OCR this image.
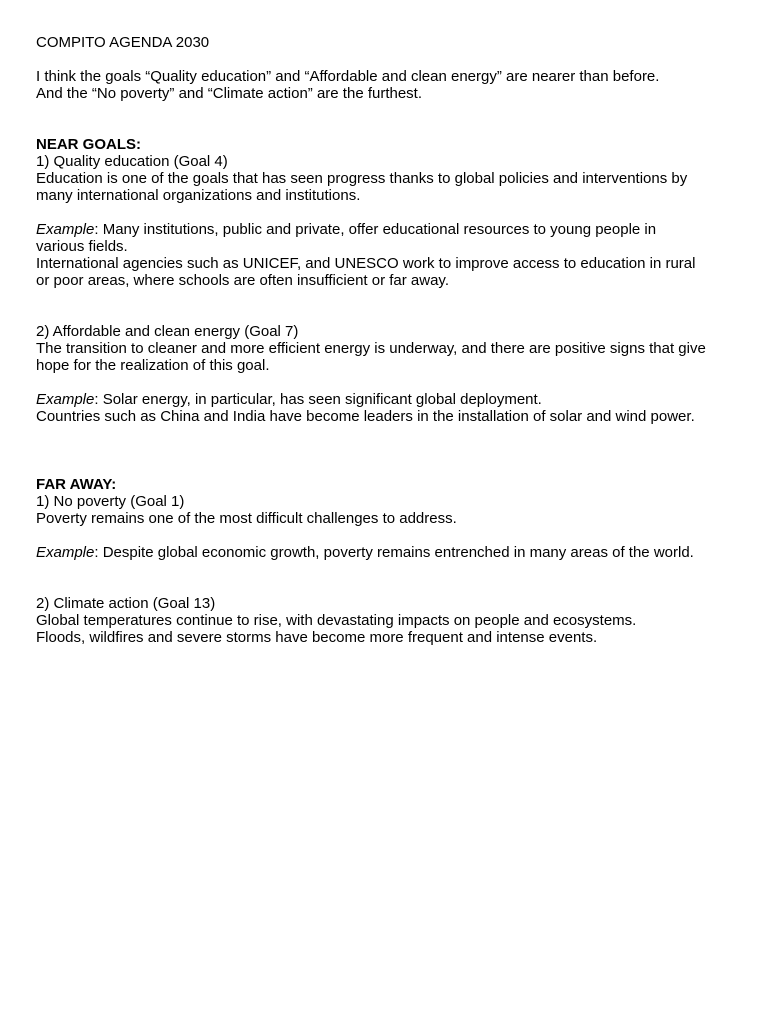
COMPITO AGENDA 2030
I think the goals “Quality education” and “Affordable and clean energy” are nearer than before.
And the “No poverty” and “Climate action” are the furthest.
NEAR GOALS:
1) Quality education (Goal 4)
Education is one of the goals that has seen progress thanks to global policies and interventions by
many international organizations and institutions.
Example: Many institutions, public and private, offer educational resources to young people in
various fields.
International agencies such as UNICEF, and UNESCO work to improve access to education in rural
or poor areas, where schools are often insufficient or far away.
2) Affordable and clean energy (Goal 7)
The transition to cleaner and more efficient energy is underway, and there are positive signs that give
hope for the realization of this goal.
Example: Solar energy, in particular, has seen significant global deployment.
Countries such as China and India have become leaders in the installation of solar and wind power.
FAR AWAY:
1) No poverty (Goal 1)
Poverty remains one of the most difficult challenges to address.
Example: Despite global economic growth, poverty remains entrenched in many areas of the world.
2) Climate action (Goal 13)
Global temperatures continue to rise, with devastating impacts on people and ecosystems.
Floods, wildfires and severe storms have become more frequent and intense events.
